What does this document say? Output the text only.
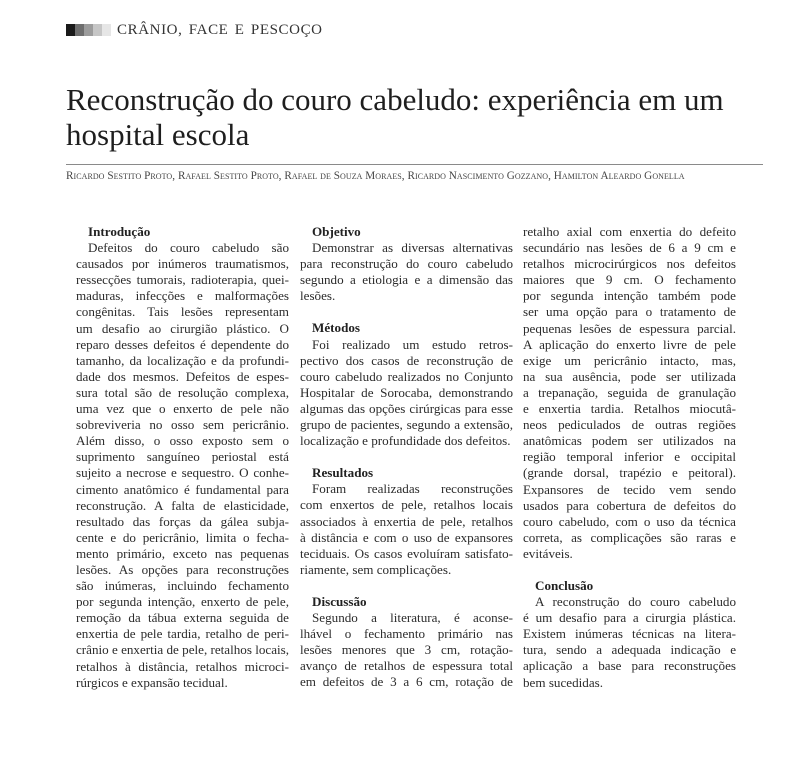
CRÂNIO, FACE E PESCOÇO
Reconstrução do couro cabeludo: experiência em um
hospital escola
Ricardo Sestito Proto, Rafael Sestito Proto, Rafael de Souza Moraes, Ricardo Nascimento Gozzano, Hamilton Aleardo Gonella
Introdução
Defeitos do couro cabeludo são
causados por inúmeros traumatismos,
ressecções tumorais, radioterapia, quei-
maduras, infecções e malformações
congênitas. Tais lesões representam
um desafio ao cirurgião plástico. O
reparo desses defeitos é dependente do
tamanho, da localização e da profundi-
dade dos mesmos. Defeitos de espes-
sura total são de resolução complexa,
uma vez que o enxerto de pele não
sobreviveria no osso sem pericrânio.
Além disso, o osso exposto sem o
suprimento sanguíneo periostal está
sujeito a necrose e sequestro. O conhe-
cimento anatômico é fundamental para
reconstrução. A falta de elasticidade,
resultado das forças da gálea subja-
cente e do pericrânio, limita o fecha-
mento primário, exceto nas pequenas
lesões. As opções para reconstruções
são inúmeras, incluindo fechamento
por segunda intenção, enxerto de pele,
remoção da tábua externa seguida de
enxertia de pele tardia, retalho de peri-
crânio e enxertia de pele, retalhos locais,
retalhos à distância, retalhos microci-
rúrgicos e expansão tecidual.
Objetivo
Demonstrar as diversas alternativas
para reconstrução do couro cabeludo
segundo a etiologia e a dimensão das
lesões.
Métodos
Foi realizado um estudo retros-
pectivo dos casos de reconstrução de
couro cabeludo realizados no Conjunto
Hospitalar de Sorocaba, demonstrando
algumas das opções cirúrgicas para esse
grupo de pacientes, segundo a extensão,
localização e profundidade dos defeitos.
Resultados
Foram realizadas reconstruções
com enxertos de pele, retalhos locais
associados à enxertia de pele, retalhos
à distância e com o uso de expansores
teciduais. Os casos evoluíram satisfato-
riamente, sem complicações.
Discussão
Segundo a literatura, é aconse-
lhável o fechamento primário nas
lesões menores que 3 cm, rotação-
avanço de retalhos de espessura total
em defeitos de 3 a 6 cm, rotação de
retalho axial com enxertia do defeito
secundário nas lesões de 6 a 9 cm e
retalhos microcirúrgicos nos defeitos
maiores que 9 cm. O fechamento
por segunda intenção também pode
ser uma opção para o tratamento de
pequenas lesões de espessura parcial.
A aplicação do enxerto livre de pele
exige um pericrânio intacto, mas,
na sua ausência, pode ser utilizada
a trepanação, seguida de granulação
e enxertia tardia. Retalhos miocutâ-
neos pediculados de outras regiões
anatômicas podem ser utilizados na
região temporal inferior e occipital
(grande dorsal, trapézio e peitoral).
Expansores de tecido vem sendo
usados para cobertura de defeitos do
couro cabeludo, com o uso da técnica
correta, as complicações são raras e
evitáveis.
Conclusão
A reconstrução do couro cabeludo
é um desafio para a cirurgia plástica.
Existem inúmeras técnicas na litera-
tura, sendo a adequada indicação e
aplicação a base para reconstruções
bem sucedidas.
